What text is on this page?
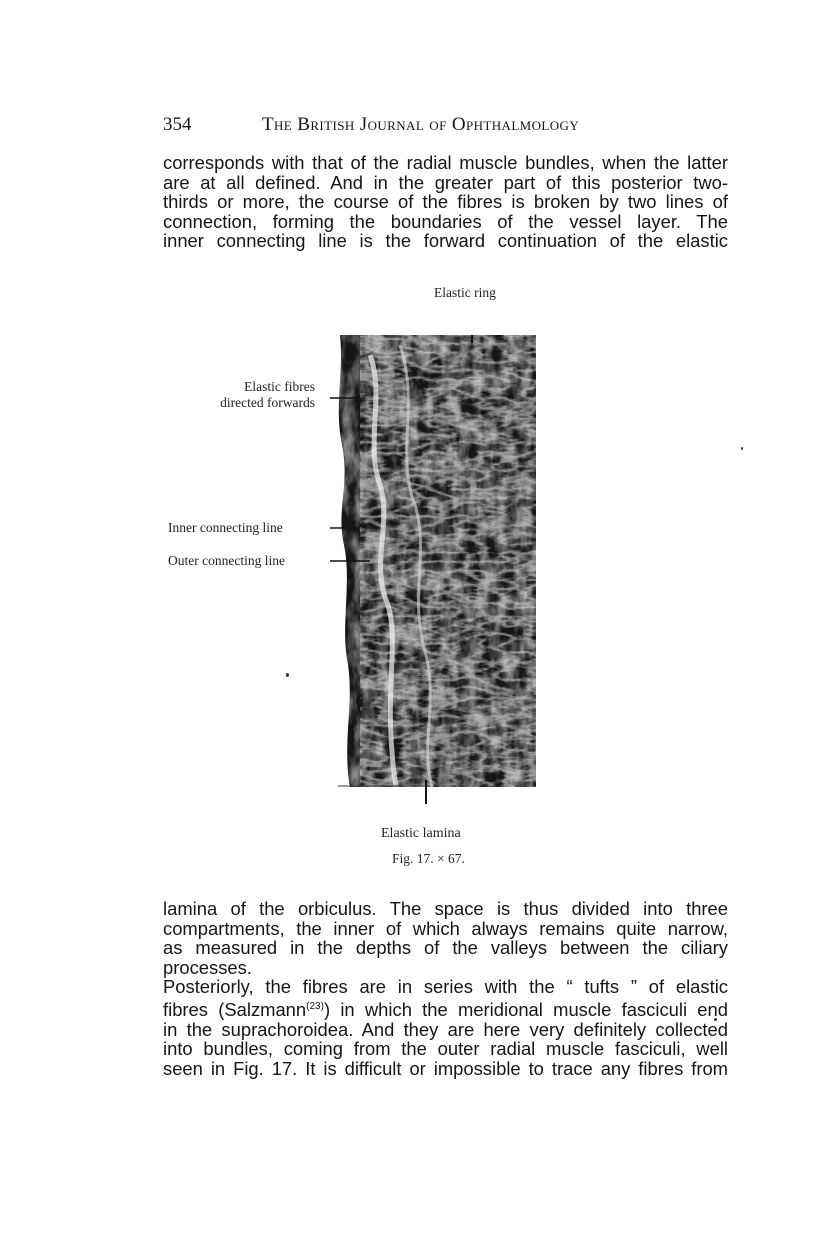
354	The British Journal of Ophthalmology
corresponds with that of the radial muscle bundles, when the latter
are at all defined. And in the greater part of this posterior two-
thirds or more, the course of the fibres is broken by two lines of
connection, forming the boundaries of the vessel layer. The
inner connecting line is the forward continuation of the elastic
Elastic ring
Elastic fibres
directed forwards
Inner connecting line
Outer connecting line
Elastic lamina
Fig. 17. × 67.
lamina of the orbiculus. The space is thus divided into three
compartments, the inner of which always remains quite narrow,
as measured in the depths of the valleys between the ciliary
processes.
Posteriorly, the fibres are in series with the “ tufts ” of elastic
fibres (Salzmann$^{(23)}$) in which the meridional muscle fasciculi end
in the suprachoroidea. And they are here very definitely collected
into bundles, coming from the outer radial muscle fasciculi, well
seen in Fig. 17. It is difficult or impossible to trace any fibres from
